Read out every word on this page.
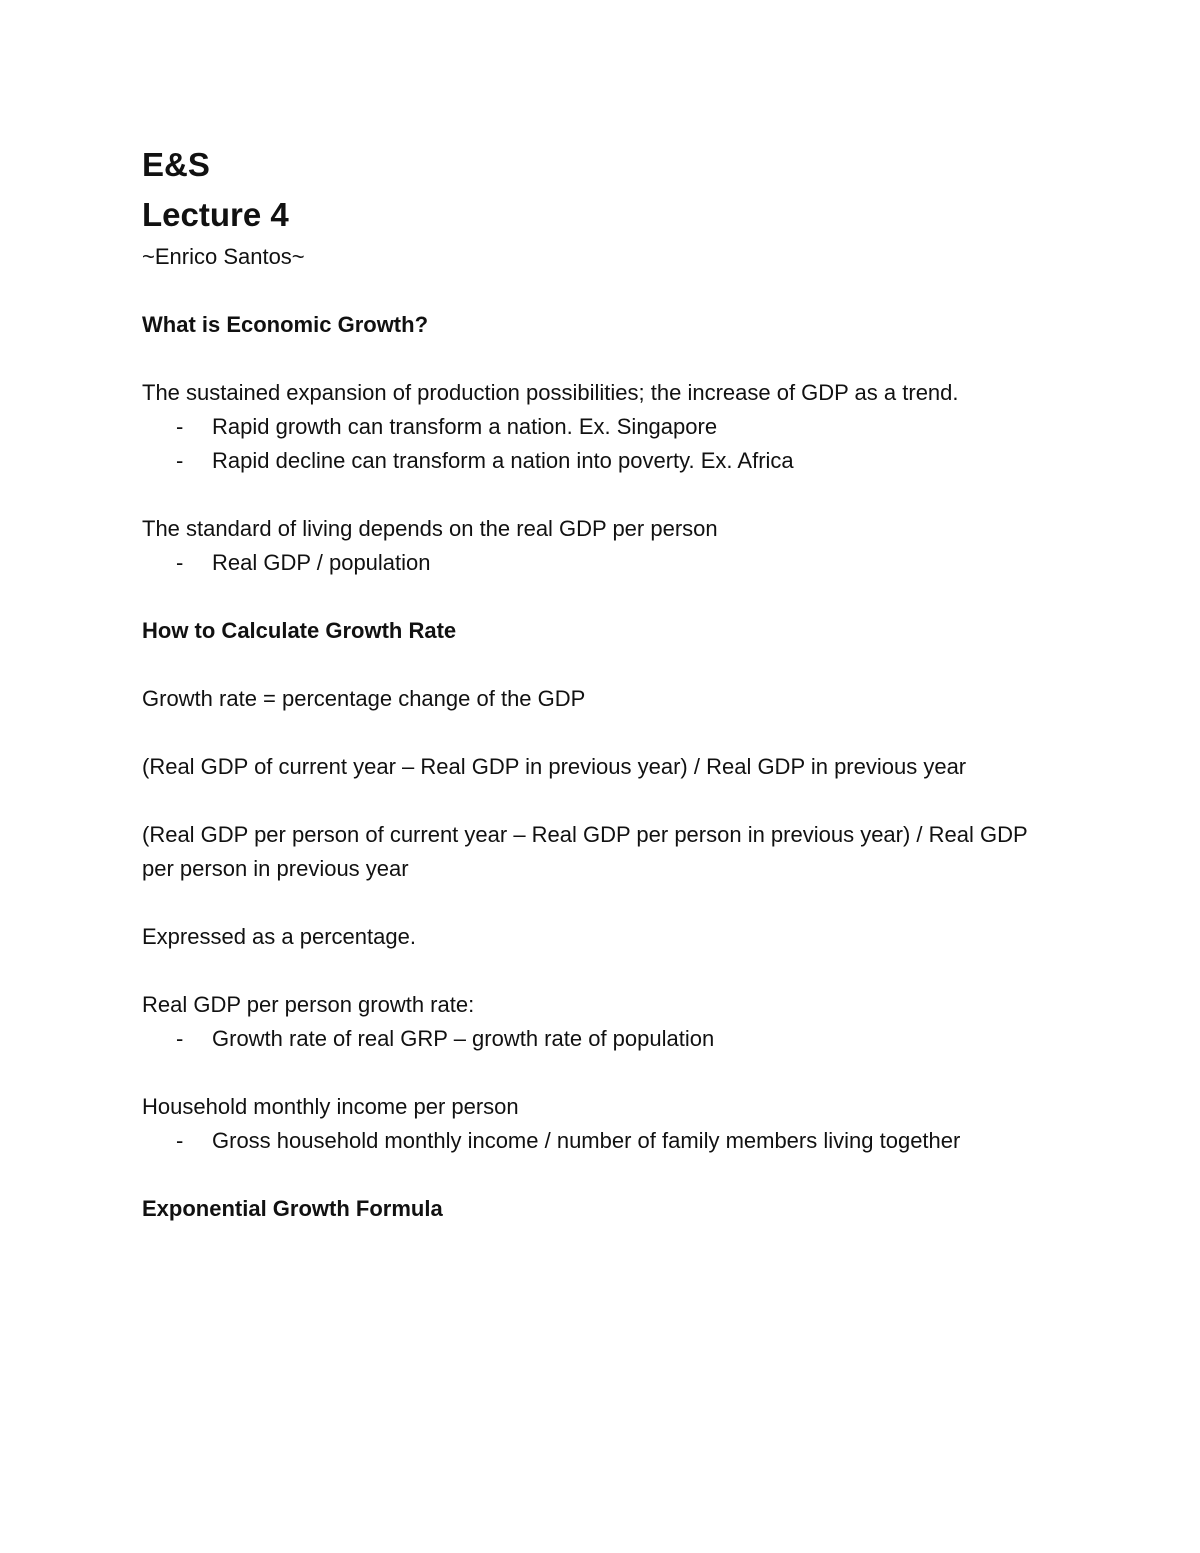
E&S
Lecture 4

~Enrico Santos~

What is Economic Growth?

The sustained expansion of production possibilities; the increase of GDP as a trend.

- Rapid growth can transform a nation. Ex. Singapore
- Rapid decline can transform a nation into poverty. Ex. Africa

The standard of living depends on the real GDP per person

- Real GDP / population

How to Calculate Growth Rate

Growth rate = percentage change of the GDP

(Real GDP of current year – Real GDP in previous year) / Real GDP in previous year

(Real GDP per person of current year – Real GDP per person in previous year) / Real GDP per person in previous year

Expressed as a percentage.

Real GDP per person growth rate:

- Growth rate of real GRP – growth rate of population

Household monthly income per person

- Gross household monthly income / number of family members living together

Exponential Growth Formula
